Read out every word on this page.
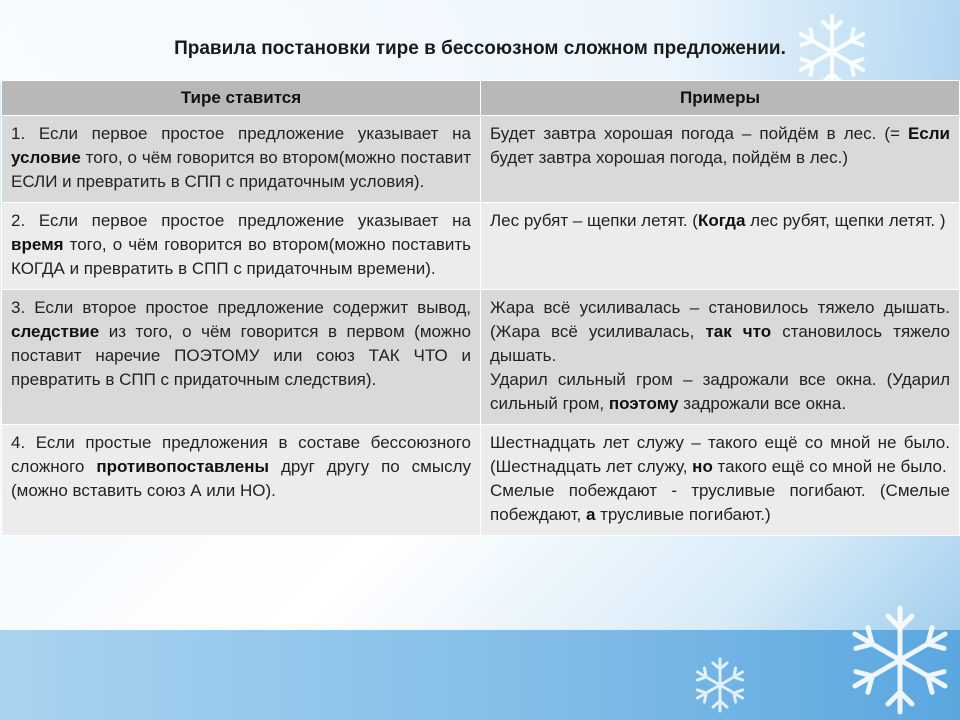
Правила постановки тире в бессоюзном сложном предложении.
Тире ставится	Примеры
1. Если первое простое предложение указывает на условие того, о чём говорится во втором(можно поставит ЕСЛИ и превратить в СПП с придаточным условия).	Будет завтра хорошая погода – пойдём в лес. (= Если будет завтра хорошая погода, пойдём в лес.)

2. Если первое простое предложение указывает на время того, о чём говорится во втором(можно поставить КОГДА и превратить в СПП с придаточным времени).	Лес рубят – щепки летят. (Когда лес рубят, щепки летят. )

3. Если второе простое предложение содержит вывод, следствие из того, о чём говорится в первом (можно поставит наречие ПОЭТОМУ или союз ТАК ЧТО и превратить в СПП с придаточным следствия).	Жара всё усиливалась – становилось тяжело дышать. (Жара всё усиливалась, так что становилось тяжело дышать.
Ударил сильный гром – задрожали все окна. (Ударил сильный гром, поэтому задрожали все окна.

4. Если простые предложения в составе бессоюзного сложного противопоставлены друг другу по смыслу (можно вставить союз А или НО).	Шестнадцать лет служу – такого ещё со мной не было. (Шестнадцать лет служу, но такого ещё со мной не было.
Смелые побеждают - трусливые погибают. (Смелые побеждают, а трусливые погибают.)
